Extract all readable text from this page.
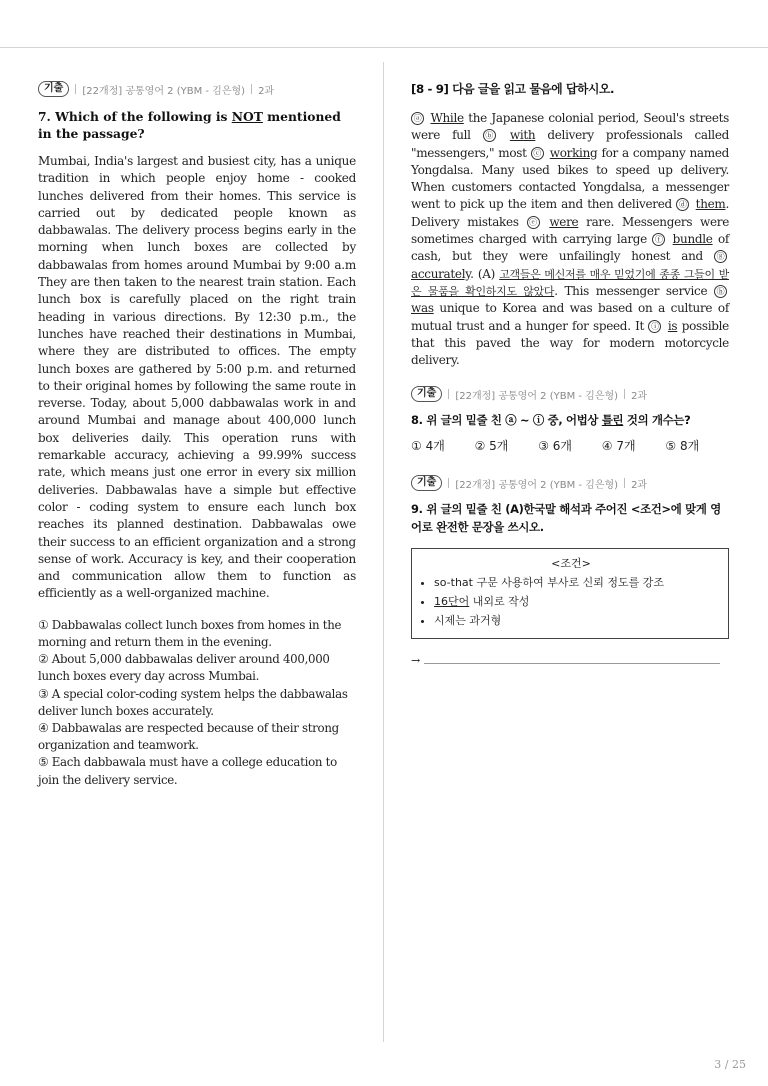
기출	[22개정] 공통영어 2 (YBM - 김은형) 2과
7. Which of the following is NOT mentioned in the passage?
Mumbai, India's largest and busiest city, has a unique tradition in which people enjoy home - cooked lunches delivered from their homes. This service is carried out by dedicated people known as dabbawalas. The delivery process begins early in the morning when lunch boxes are collected by dabbawalas from homes around Mumbai by 9:00 a.m They are then taken to the nearest train station. Each lunch box is carefully placed on the right train heading in various directions. By 12:30 p.m., the lunches have reached their destinations in Mumbai, where they are distributed to offices. The empty lunch boxes are gathered by 5:00 p.m. and returned to their original homes by following the same route in reverse. Today, about 5,000 dabbawalas work in and around Mumbai and manage about 400,000 lunch box deliveries daily. This operation runs with remarkable accuracy, achieving a 99.99% success rate, which means just one error in every six million deliveries. Dabbawalas have a simple but effective color - coding system to ensure each lunch box reaches its planned destination. Dabbawalas owe their success to an efficient organization and a strong sense of work. Accuracy is key, and their cooperation and communication allow them to function as efficiently as a well-organized machine.
① Dabbawalas collect lunch boxes from homes in the morning and return them in the evening.
② About 5,000 dabbawalas deliver around 400,000 lunch boxes every day across Mumbai.
③ A special color-coding system helps the dabbawalas deliver lunch boxes accurately.
④ Dabbawalas are respected because of their strong organization and teamwork.
⑤ Each dabbawala must have a college education to join the delivery service.
[8 - 9] 다음 글을 읽고 물음에 답하시오.
ⓐ While the Japanese colonial period, Seoul's streets were full ⓑ with delivery professionals called "messengers," most ⓒ working for a company named Yongdalsa. Many used bikes to speed up delivery. When customers contacted Yongdalsa, a messenger went to pick up the item and then delivered ⓓ them. Delivery mistakes ⓔ were rare. Messengers were sometimes charged with carrying large ⓕ bundle of cash, but they were unfailingly honest and ⓖ accurately. (A) 고객들은 메신저를 매우 믿었기에 종종 그들이 받은 물품을 확인하지도 않았다. This messenger service ⓗ was unique to Korea and was based on a culture of mutual trust and a hunger for speed. It ⓘ is possible that this paved the way for modern motorcycle delivery.
기출	[22개정] 공통영어 2 (YBM - 김은형) 2과
8. 위 글의 밑줄 친 ⓐ ~ ⓘ 중, 어법상 틀린 것의 개수는?
① 4개	② 5개	③ 6개	④ 7개	⑤ 8개
기출	[22개정] 공통영어 2 (YBM - 김은형) 2과
9. 위 글의 밑줄 친 (A)한국말 해석과 주어진 <조건>에 맞게 영어로 완전한 문장을 쓰시오.
<조건>
• so-that 구문 사용하여 부사로 신뢰 정도를 강조
• 16단어 내외로 작성
• 시제는 과거형
→
3 / 25
